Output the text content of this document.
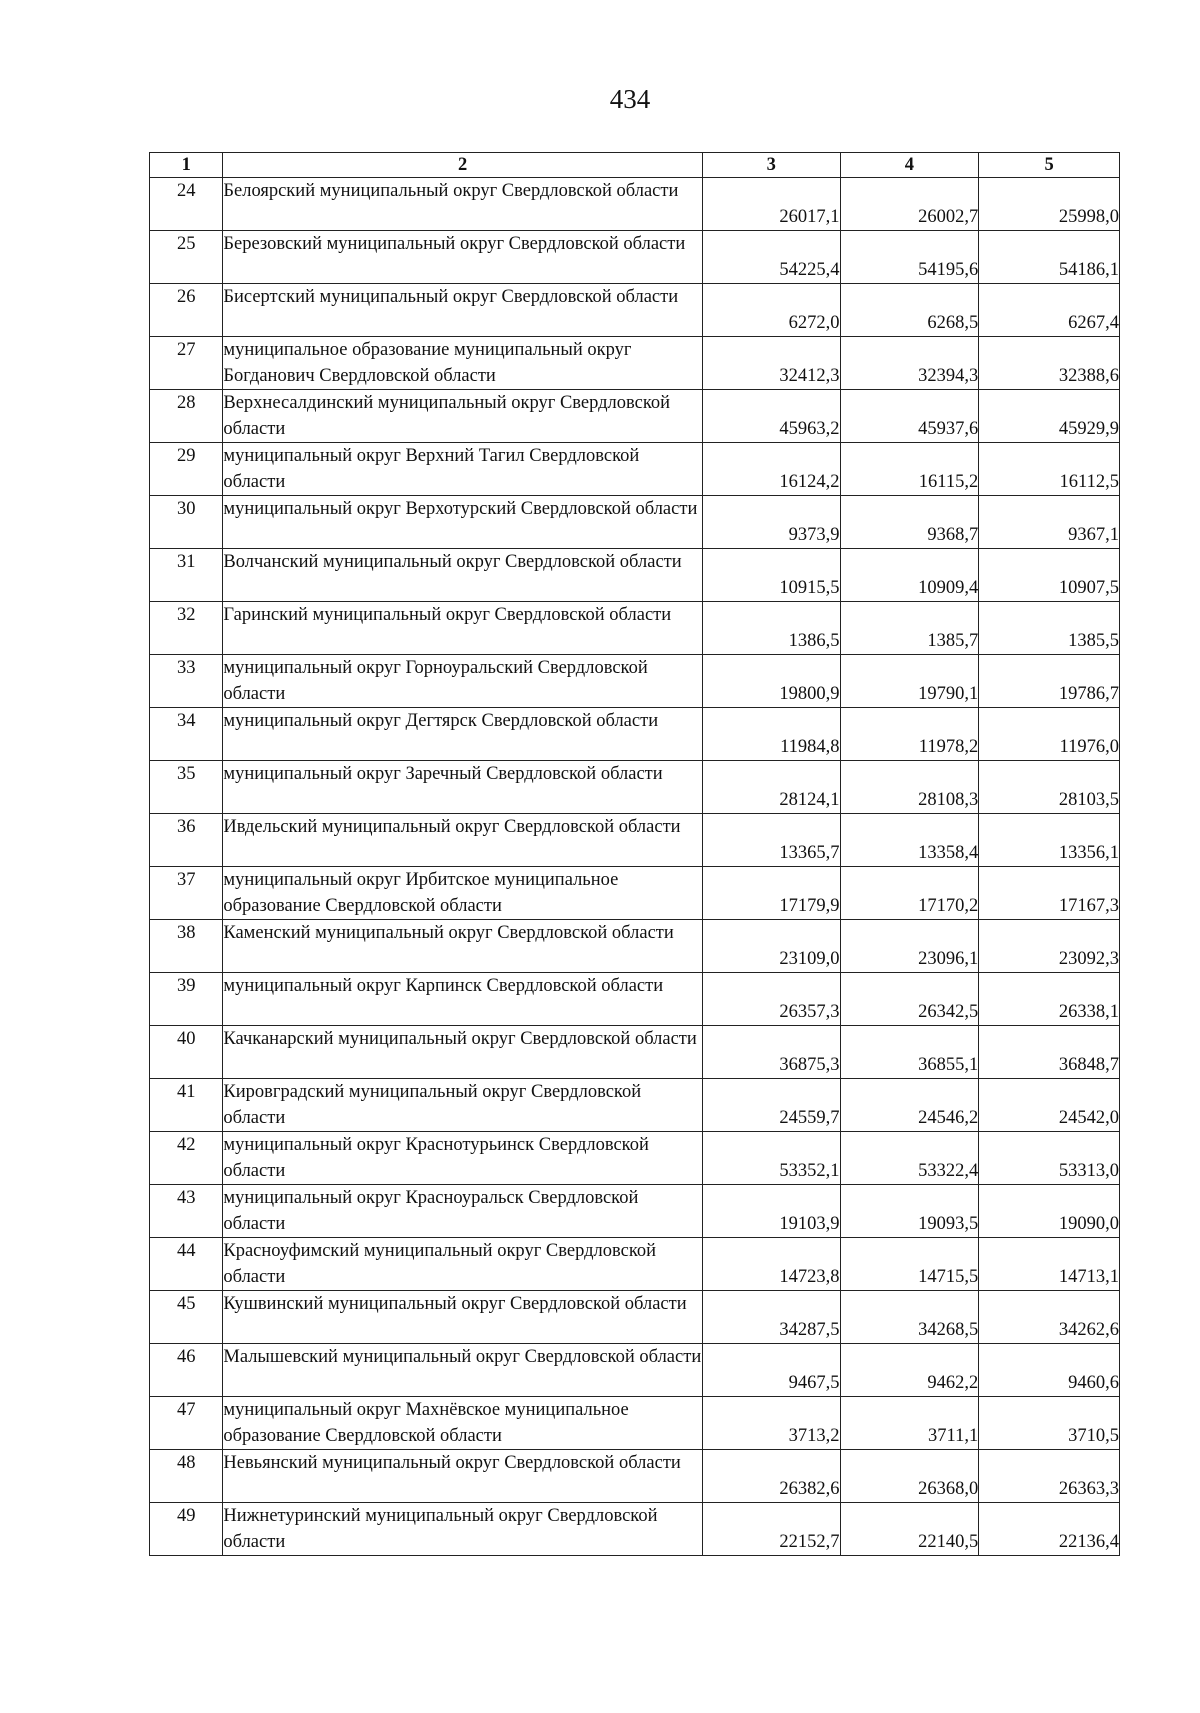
434
1	2	3	4	5
24	Белоярский муниципальный округ Свердловской области	26017,1	26002,7	25998,0
25	Березовский муниципальный округ Свердловской области	54225,4	54195,6	54186,1
26	Бисертский муниципальный округ Свердловской области	6272,0	6268,5	6267,4
27	муниципальное образование муниципальный округ Богданович Свердловской области	32412,3	32394,3	32388,6
28	Верхнесалдинский муниципальный округ Свердловской области	45963,2	45937,6	45929,9
29	муниципальный округ Верхний Тагил Свердловской области	16124,2	16115,2	16112,5
30	муниципальный округ Верхотурский Свердловской области	9373,9	9368,7	9367,1
31	Волчанский муниципальный округ Свердловской области	10915,5	10909,4	10907,5
32	Гаринский муниципальный округ Свердловской области	1386,5	1385,7	1385,5
33	муниципальный округ Горноуральский Свердловской области	19800,9	19790,1	19786,7
34	муниципальный округ Дегтярск Свердловской области	11984,8	11978,2	11976,0
35	муниципальный округ Заречный Свердловской области	28124,1	28108,3	28103,5
36	Ивдельский муниципальный округ Свердловской области	13365,7	13358,4	13356,1
37	муниципальный округ Ирбитское муниципальное образование Свердловской области	17179,9	17170,2	17167,3
38	Каменский муниципальный округ Свердловской области	23109,0	23096,1	23092,3
39	муниципальный округ Карпинск Свердловской области	26357,3	26342,5	26338,1
40	Качканарский муниципальный округ Свердловской области	36875,3	36855,1	36848,7
41	Кировградский муниципальный округ Свердловской области	24559,7	24546,2	24542,0
42	муниципальный округ Краснотурьинск Свердловской области	53352,1	53322,4	53313,0
43	муниципальный округ Красноуральск Свердловской области	19103,9	19093,5	19090,0
44	Красноуфимский муниципальный округ Свердловской области	14723,8	14715,5	14713,1
45	Кушвинский муниципальный округ Свердловской области	34287,5	34268,5	34262,6
46	Малышевский муниципальный округ Свердловской области	9467,5	9462,2	9460,6
47	муниципальный округ Махнёвское муниципальное образование Свердловской области	3713,2	3711,1	3710,5
48	Невьянский муниципальный округ Свердловской области	26382,6	26368,0	26363,3
49	Нижнетуринский муниципальный округ Свердловской области	22152,7	22140,5	22136,4
